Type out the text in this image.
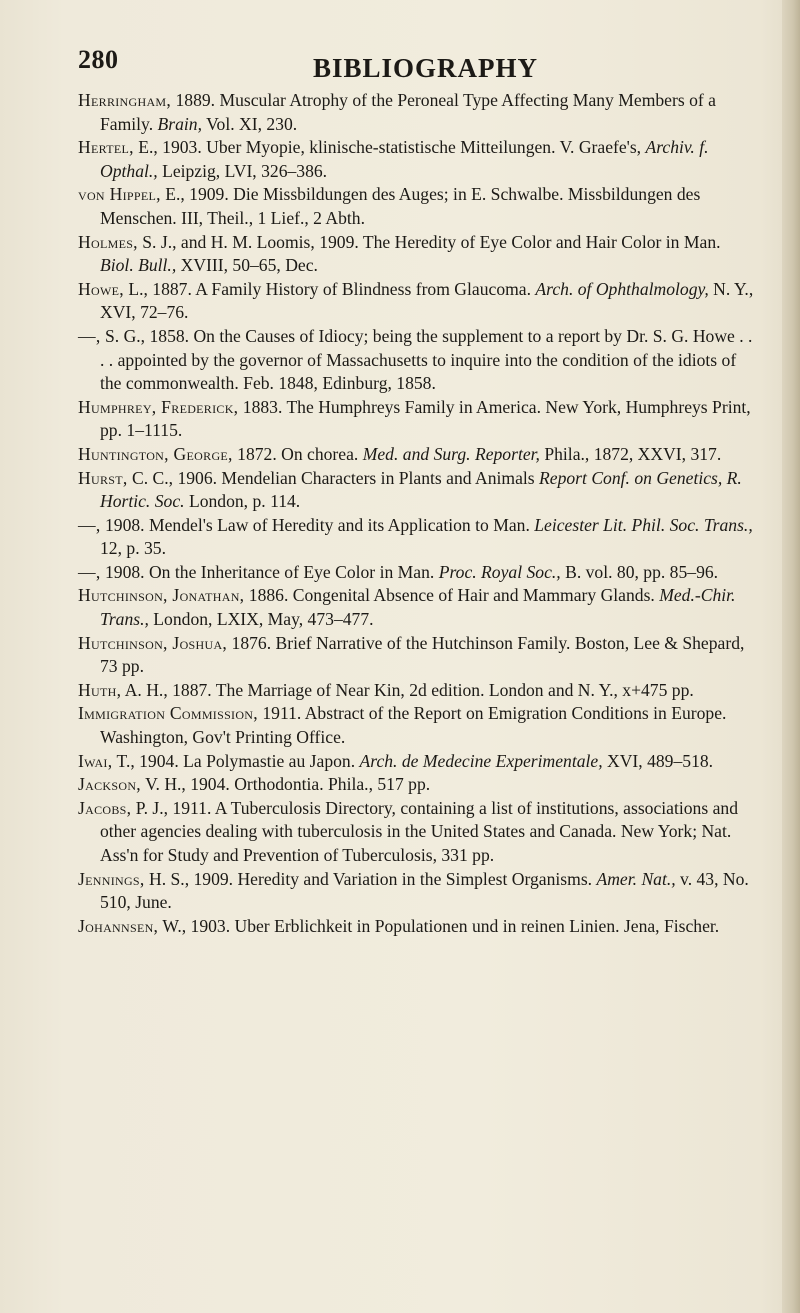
280	BIBLIOGRAPHY

Herringham, 1889. Muscular Atrophy of the Peroneal Type Affecting Many Members of a Family. Brain, Vol. XI, 230.

Hertel, E., 1903. Uber Myopie, klinische-statistische Mitteilungen. V. Graefe's, Archiv. f. Opthal., Leipzig, LVI, 326–386.

von Hippel, E., 1909. Die Missbildungen des Auges; in E. Schwalbe. Missbildungen des Menschen. III, Theil., 1 Lief., 2 Abth.

Holmes, S. J., and H. M. Loomis, 1909. The Heredity of Eye Color and Hair Color in Man. Biol. Bull., XVIII, 50–65, Dec.

Howe, L., 1887. A Family History of Blindness from Glaucoma. Arch. of Ophthalmology, N. Y., XVI, 72–76.

—, S. G., 1858. On the Causes of Idiocy; being the supplement to a report by Dr. S. G. Howe . . . . appointed by the governor of Massachusetts to inquire into the condition of the idiots of the commonwealth. Feb. 1848, Edinburg, 1858.

Humphrey, Frederick, 1883. The Humphreys Family in America. New York, Humphreys Print, pp. 1–1115.

Huntington, George, 1872. On chorea. Med. and Surg. Reporter, Phila., 1872, XXVI, 317.

Hurst, C. C., 1906. Mendelian Characters in Plants and Animals Report Conf. on Genetics, R. Hortic. Soc. London, p. 114.

—, 1908. Mendel's Law of Heredity and its Application to Man. Leicester Lit. Phil. Soc. Trans., 12, p. 35.

—, 1908. On the Inheritance of Eye Color in Man. Proc. Royal Soc., B. vol. 80, pp. 85–96.

Hutchinson, Jonathan, 1886. Congenital Absence of Hair and Mammary Glands. Med.-Chir. Trans., London, LXIX, May, 473–477.

Hutchinson, Joshua, 1876. Brief Narrative of the Hutchinson Family. Boston, Lee & Shepard, 73 pp.

Huth, A. H., 1887. The Marriage of Near Kin, 2d edition. London and N. Y., x+475 pp.

Immigration Commission, 1911. Abstract of the Report on Emigration Conditions in Europe. Washington, Gov't Printing Office.

Iwai, T., 1904. La Polymastie au Japon. Arch. de Medecine Experimentale, XVI, 489–518.

Jackson, V. H., 1904. Orthodontia. Phila., 517 pp.

Jacobs, P. J., 1911. A Tuberculosis Directory, containing a list of institutions, associations and other agencies dealing with tuberculosis in the United States and Canada. New York; Nat. Ass'n for Study and Prevention of Tuberculosis, 331 pp.

Jennings, H. S., 1909. Heredity and Variation in the Simplest Organisms. Amer. Nat., v. 43, No. 510, June.

Johannsen, W., 1903. Uber Erblichkeit in Populationen und in reinen Linien. Jena, Fischer.
